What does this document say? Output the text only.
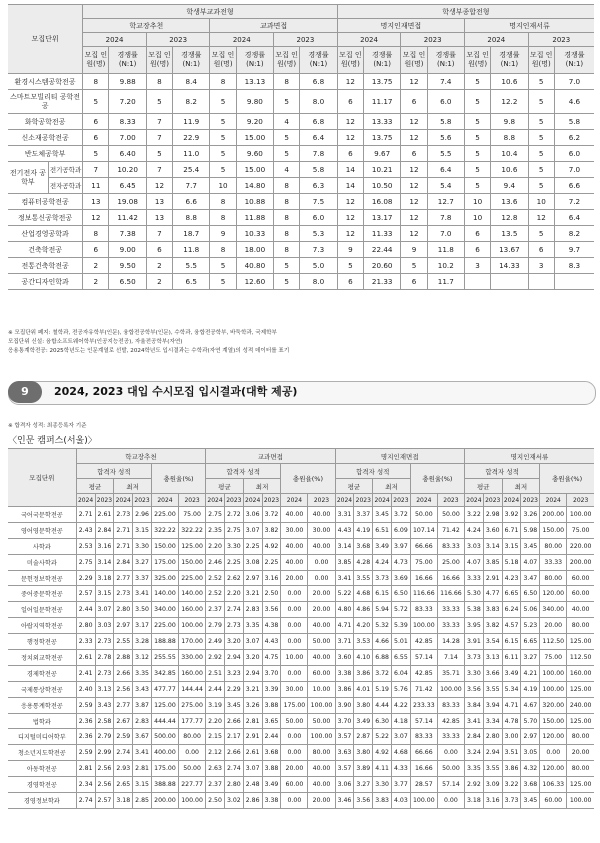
모집단위		학생부교과전형								학생부종합전형							
		학교장추천				교과면접				명지인재면접				명지인재서류			
		2024		2023		2024		2023		2024		2023		2024		2023	
		모집 인원(명)	경쟁률 (N:1)	모집 인원(명)	경쟁률 (N:1)	모집 인원(명)	경쟁률 (N:1)	모집 인원(명)	경쟁률 (N:1)	모집 인원(명)	경쟁률 (N:1)	모집 인원(명)	경쟁률 (N:1)	모집 인원(명)	경쟁률 (N:1)	모집 인원(명)	경쟁률 (N:1)
환경시스템공학전공		8	9.88	8	8.4	8	13.13	8	6.8	12	13.75	12	7.4	5	10.6	5	7.0
스마트모빌리티 공학전공		5	7.20	5	8.2	5	9.80	5	8.0	6	11.17	6	6.0	5	12.2	5	4.6
화학공학전공		6	8.33	7	11.9	5	9.20	4	6.8	12	13.33	12	5.8	5	9.8	5	5.8
신소재공학전공		6	7.00	7	22.9	5	15.00	5	6.4	12	13.75	12	5.6	5	8.8	5	6.2
반도체공학부		5	6.40	5	11.0	5	9.60	5	7.8	6	9.67	6	5.5	5	10.4	5	6.0
전기전자 공학부	전기공학과	7	10.20	7	25.4	5	15.00	4	5.8	14	10.21	12	6.4	5	10.6	5	7.0
	전자공학과	11	6.45	12	7.7	10	14.80	8	6.3	14	10.50	12	5.4	5	9.4	5	6.6
컴퓨터공학전공		13	19.08	13	6.6	8	10.88	8	7.5	12	16.08	12	12.7	10	13.6	10	7.2
정보통신공학전공		12	11.42	13	8.8	8	11.88	8	6.0	12	13.17	12	7.8	10	12.8	12	6.4
산업경영공학과		8	7.38	7	18.7	9	10.33	8	5.3	12	11.33	12	7.0	6	13.5	5	8.2
건축학전공		6	9.00	6	11.8	8	18.00	8	7.3	9	22.44	9	11.8	6	13.67	6	9.7
전통건축학전공		2	9.50	2	5.5	5	40.80	5	5.0	5	20.60	5	10.2	3	14.33	3	8.3
공간디자인학과		2	6.50	2	6.5	5	12.60	5	8.0	6	21.33	6	11.7				
※ 모집단위 폐지: 철학과, 전공자유학부(인문), 융합전공학부(인문), 수학과, 융합전공학부, 바둑학과, 국제학부
모집단위 신설: 융합소프트웨어학부(인공지능전공), 자율전공학부(자연)
응용통계학전공: 2025학년도는 인문계열로 선발, 2024학년도 입시결과는 수학과(자연 계열)의 성적 데이터를 표기
9	2024, 2023 대입 수시모집 입시결과(대학 제공)
※ 합격자 성적: 최종등록자 기준
〈인문 캠퍼스(서울)〉
모집단위	학교장추천						교과면접						명지인재면접						명지인재서류					
	합격자 성적				충원율(%)		합격자 성적				충원율(%)		합격자 성적				충원율(%)		합격자 성적				충원율(%)	
	평균		최저				평균		최저				평균		최저				평균		최저			
	2024	2023	2024	2023	2024	2023	2024	2023	2024	2023	2024	2023	2024	2023	2024	2023	2024	2023	2024	2023	2024	2023	2024	2023
국어국문학전공	2.71	2.61	2.73	2.96	225.00	75.00	2.75	2.72	3.06	3.72	40.00	40.00	3.31	3.37	3.45	3.72	50.00	50.00	3.22	2.98	3.92	3.26	200.00	100.00
영어영문학전공	2.43	2.84	2.71	3.15	322.22	322.22	2.35	2.75	3.07	3.82	30.00	30.00	4.43	4.19	6.51	6.09	107.14	71.42	4.24	3.60	6.71	5.98	150.00	75.00
사학과	2.53	3.16	2.71	3.30	150.00	125.00	2.20	3.30	2.25	4.92	40.00	40.00	3.14	3.68	3.49	3.97	66.66	83.33	3.03	3.14	3.15	3.45	80.00	220.00
미술사학과	2.75	3.14	2.84	3.27	175.00	150.00	2.46	2.25	3.08	2.25	40.00	0.00	3.85	4.28	4.24	4.73	75.00	25.00	4.07	3.85	5.18	4.07	33.33	200.00
문헌정보학전공	2.29	3.18	2.77	3.37	325.00	225.00	2.52	2.62	2.97	3.16	20.00	0.00	3.41	3.55	3.73	3.69	16.66	16.66	3.33	2.91	4.23	3.47	80.00	60.00
중어중문학전공	2.57	3.15	2.73	3.41	140.00	140.00	2.52	2.20	3.21	2.50	0.00	20.00	5.22	4.68	6.15	6.50	116.66	116.66	5.30	4.77	6.65	6.50	120.00	60.00
일어일문학전공	2.44	3.07	2.80	3.50	340.00	160.00	2.37	2.74	2.83	3.56	0.00	20.00	4.80	4.86	5.94	5.72	83.33	33.33	5.38	3.83	6.24	5.06	340.00	40.00
아랍지역학전공	2.80	3.03	2.97	3.17	225.00	100.00	2.79	2.73	3.35	4.38	0.00	40.00	4.71	4.20	5.32	5.39	100.00	33.33	3.95	3.82	4.57	5.23	20.00	80.00
행정학전공	2.33	2.73	2.55	3.28	188.88	170.00	2.49	3.20	3.07	4.43	0.00	50.00	3.71	3.53	4.66	5.01	42.85	14.28	3.91	3.54	6.15	6.65	112.50	125.00
정치외교학전공	2.61	2.78	2.88	3.12	255.55	330.00	2.92	2.94	3.20	4.75	10.00	40.00	3.60	4.10	6.88	6.55	57.14	7.14	3.73	3.13	6.11	3.27	75.00	112.50
경제학전공	2.41	2.73	2.66	3.35	342.85	160.00	2.51	3.23	2.94	3.70	0.00	60.00	3.38	3.86	3.72	6.04	42.85	35.71	3.30	3.66	3.49	4.21	100.00	160.00
국제통상학전공	2.40	3.13	2.56	3.43	477.77	144.44	2.44	2.29	3.21	3.39	30.00	10.00	3.86	4.01	5.19	5.76	71.42	100.00	3.56	3.55	5.34	4.19	100.00	125.00
응용통계학전공	2.59	3.43	2.77	3.87	125.00	275.00	3.19	3.45	3.26	3.88	175.00	100.00	3.90	3.80	4.44	4.22	233.33	83.33	3.84	3.94	4.71	4.67	320.00	240.00
법학과	2.36	2.58	2.67	2.83	444.44	177.77	2.20	2.66	2.81	3.65	50.00	50.00	3.70	3.49	6.30	4.18	57.14	42.85	3.41	3.34	4.78	5.70	150.00	125.00
디지털미디어학부	2.36	2.79	2.59	3.67	500.00	80.00	2.15	2.17	2.91	2.44	0.00	100.00	3.57	2.87	5.22	3.07	83.33	33.33	2.84	2.80	3.00	2.97	120.00	80.00
청소년지도학전공	2.59	2.99	2.74	3.41	400.00	0.00	2.12	2.66	2.61	3.68	0.00	80.00	3.63	3.80	4.92	4.68	66.66	0.00	3.24	2.94	3.51	3.05	0.00	20.00
아동학전공	2.81	2.56	2.93	2.81	175.00	50.00	2.63	2.74	3.07	3.88	20.00	40.00	3.57	3.89	4.11	4.33	16.66	50.00	3.35	3.55	3.86	4.32	120.00	80.00
경영학전공	2.34	2.56	2.65	3.15	388.88	227.77	2.37	2.80	2.48	3.49	60.00	40.00	3.06	3.27	3.30	3.77	28.57	57.14	2.92	3.09	3.22	3.68	106.33	125.00
경영정보학과	2.74	2.57	3.18	2.85	200.00	100.00	2.50	3.02	2.86	3.38	0.00	20.00	3.46	3.56	3.83	4.03	100.00	0.00	3.18	3.16	3.73	3.45	60.00	100.00
